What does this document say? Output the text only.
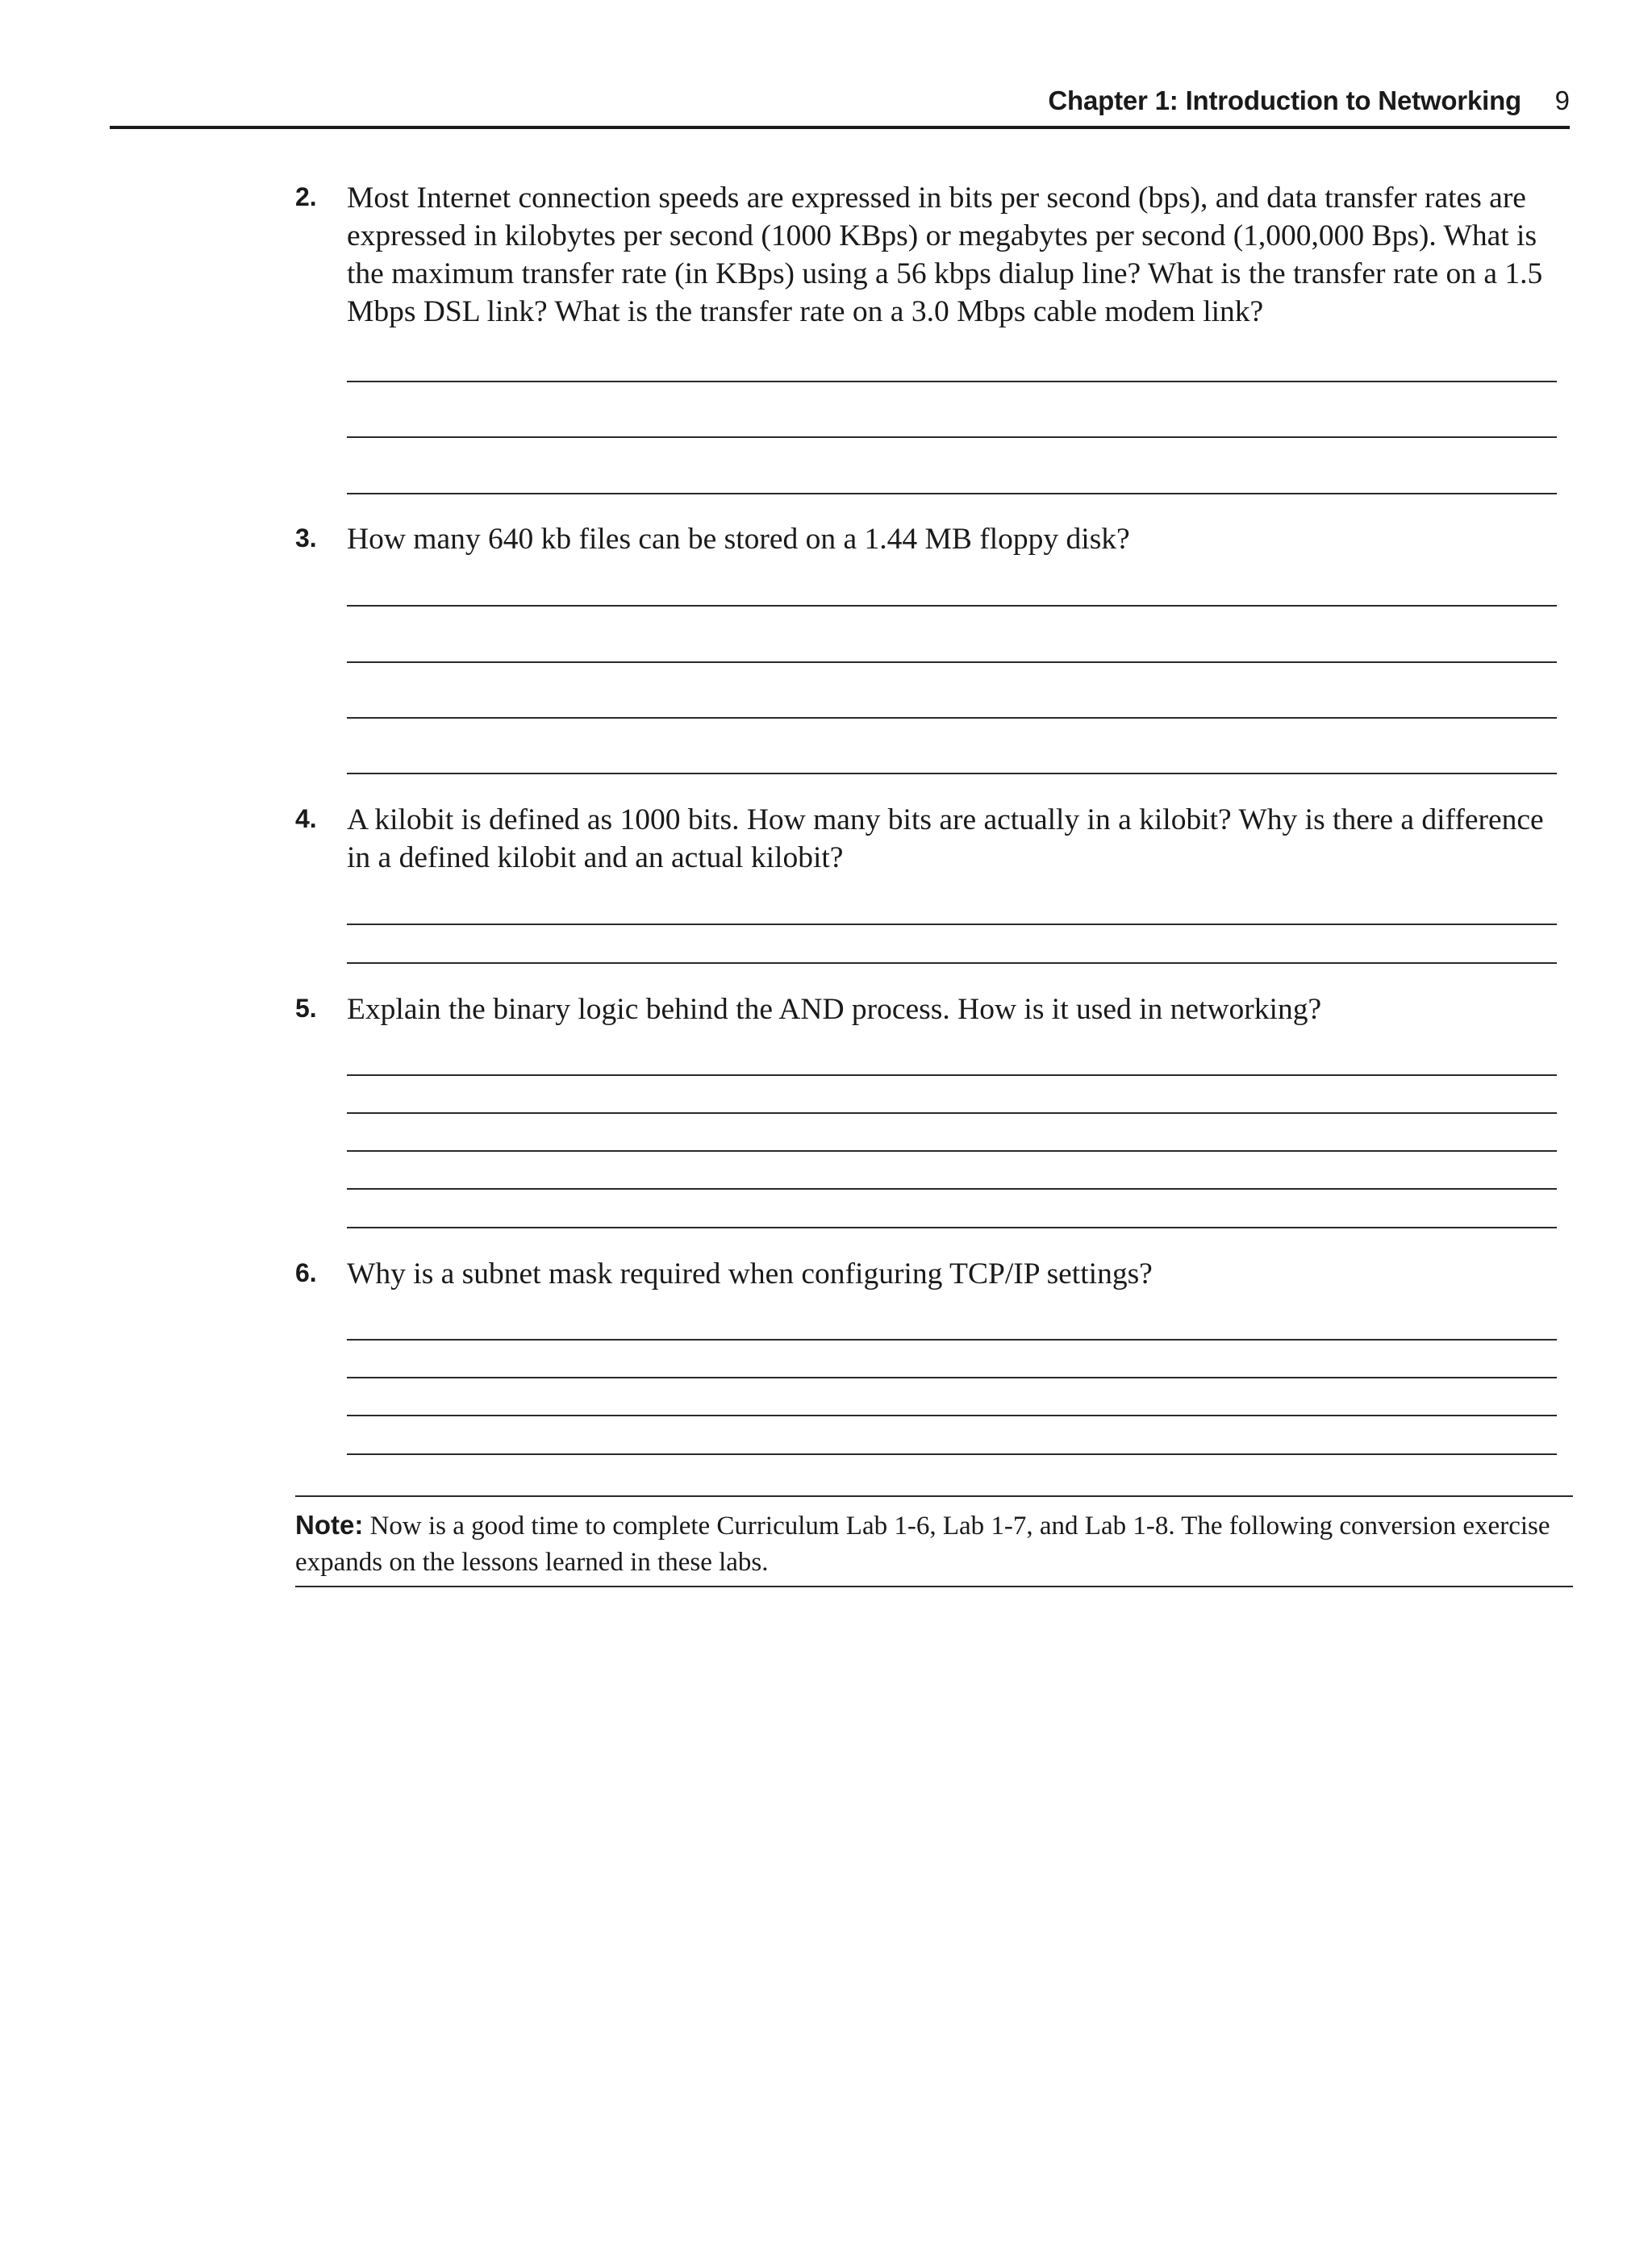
Chapter 1: Introduction to Networking 9
2. Most Internet connection speeds are expressed in bits per second (bps), and data transfer rates are expressed in kilobytes per second (1000 KBps) or megabytes per second (1,000,000 Bps). What is the maximum transfer rate (in KBps) using a 56 kbps dialup line? What is the transfer rate on a 1.5 Mbps DSL link? What is the transfer rate on a 3.0 Mbps cable modem link?
3. How many 640 kb files can be stored on a 1.44 MB floppy disk?
4. A kilobit is defined as 1000 bits. How many bits are actually in a kilobit? Why is there a difference in a defined kilobit and an actual kilobit?
5. Explain the binary logic behind the AND process. How is it used in networking?
6. Why is a subnet mask required when configuring TCP/IP settings?
Note: Now is a good time to complete Curriculum Lab 1-6, Lab 1-7, and Lab 1-8. The following conversion exercise expands on the lessons learned in these labs.
